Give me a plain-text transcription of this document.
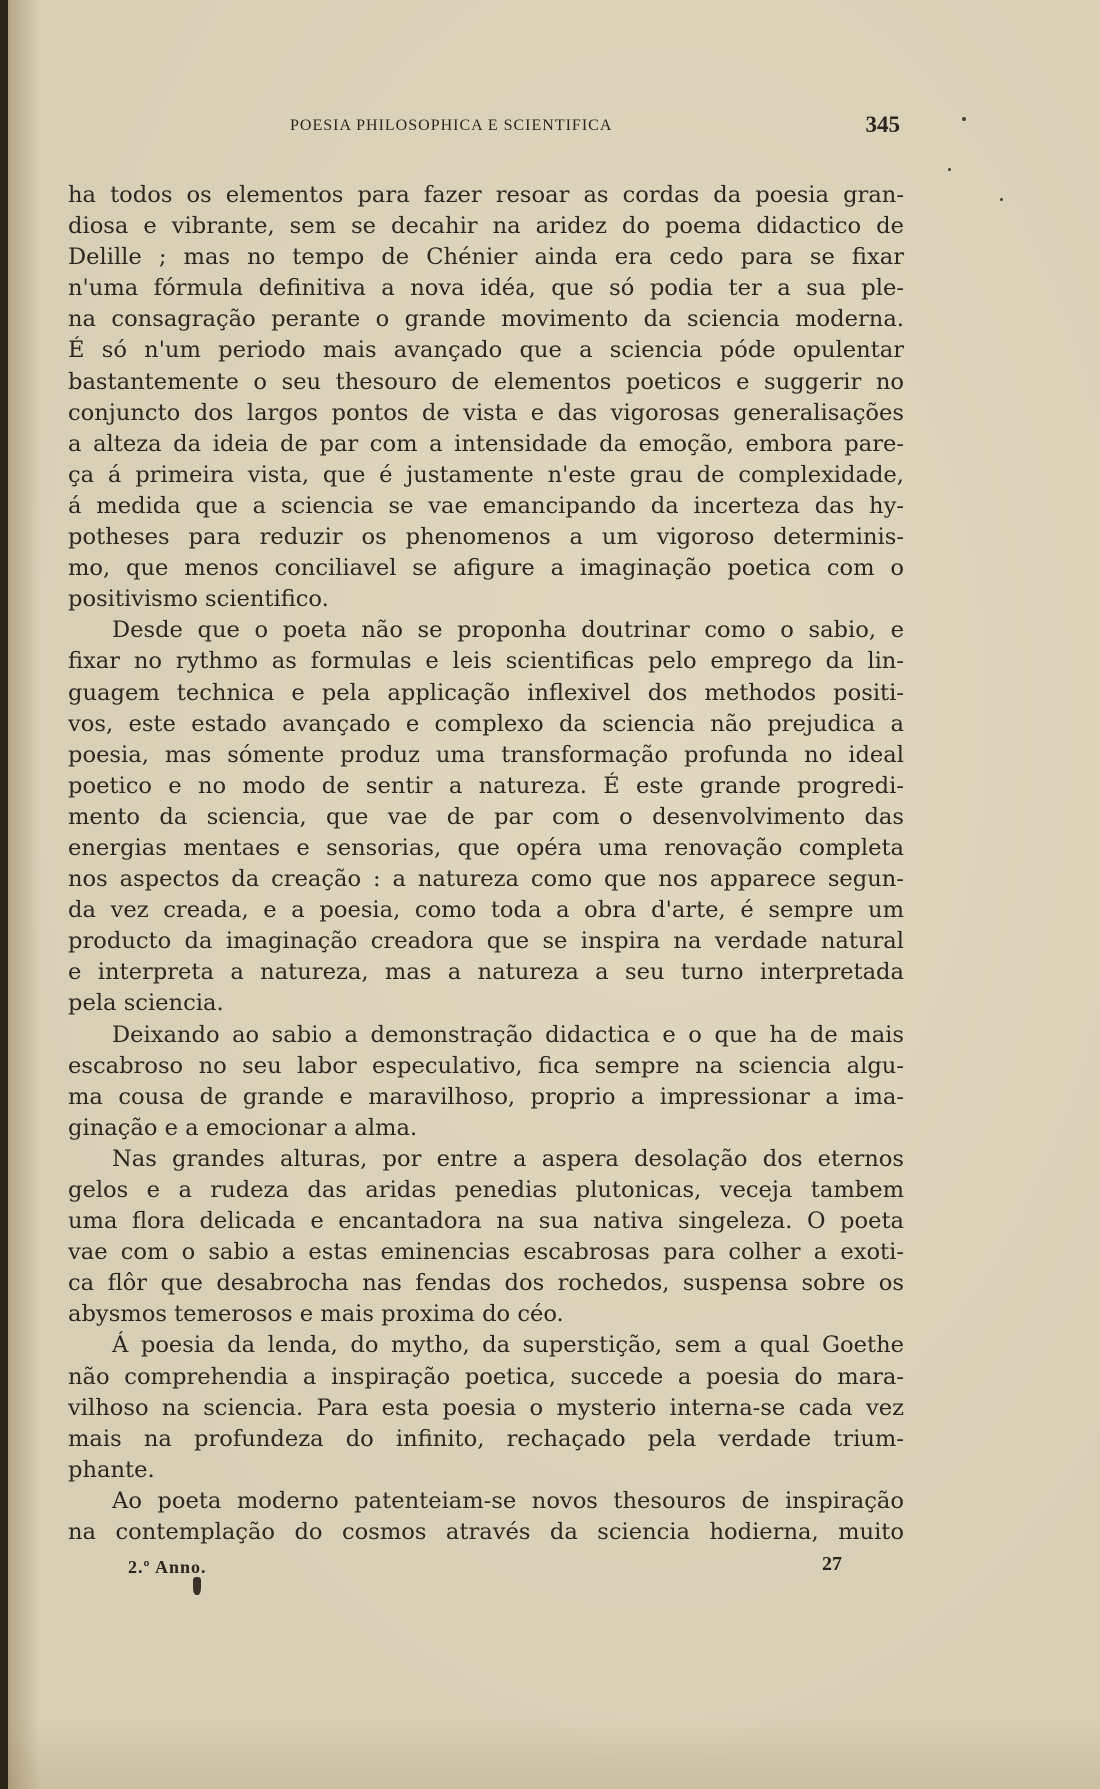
POESIA PHILOSOPHICA E SCIENTIFICA	345
ha todos os elementos para fazer resoar as cordas da poesia gran-
diosa e vibrante, sem se decahir na aridez do poema didactico de
Delille ; mas no tempo de Chénier ainda era cedo para se fixar
n'uma fórmula definitiva a nova idéa, que só podia ter a sua ple-
na consagração perante o grande movimento da sciencia moderna.
É só n'um periodo mais avançado que a sciencia póde opulentar
bastantemente o seu thesouro de elementos poeticos e suggerir no
conjuncto dos largos pontos de vista e das vigorosas generalisações
a alteza da ideia de par com a intensidade da emoção, embora pare-
ça á primeira vista, que é justamente n'este grau de complexidade,
á medida que a sciencia se vae emancipando da incerteza das hy-
potheses para reduzir os phenomenos a um vigoroso determinis-
mo, que menos conciliavel se afigure a imaginação poetica com o
positivismo scientifico.
Desde que o poeta não se proponha doutrinar como o sabio, e
fixar no rythmo as formulas e leis scientificas pelo emprego da lin-
guagem technica e pela applicação inflexivel dos methodos positi-
vos, este estado avançado e complexo da sciencia não prejudica a
poesia, mas sómente produz uma transformação profunda no ideal
poetico e no modo de sentir a natureza. É este grande progredi-
mento da sciencia, que vae de par com o desenvolvimento das
energias mentaes e sensorias, que opéra uma renovação completa
nos aspectos da creação : a natureza como que nos apparece segun-
da vez creada, e a poesia, como toda a obra d'arte, é sempre um
producto da imaginação creadora que se inspira na verdade natural
e interpreta a natureza, mas a natureza a seu turno interpretada
pela sciencia.
Deixando ao sabio a demonstração didactica e o que ha de mais
escabroso no seu labor especulativo, fica sempre na sciencia algu-
ma cousa de grande e maravilhoso, proprio a impressionar a ima-
ginação e a emocionar a alma.
Nas grandes alturas, por entre a aspera desolação dos eternos
gelos e a rudeza das aridas penedias plutonicas, veceja tambem
uma flora delicada e encantadora na sua nativa singeleza. O poeta
vae com o sabio a estas eminencias escabrosas para colher a exoti-
ca flôr que desabrocha nas fendas dos rochedos, suspensa sobre os
abysmos temerosos e mais proxima do céo.
Á poesia da lenda, do mytho, da superstição, sem a qual Goethe
não comprehendia a inspiração poetica, succede a poesia do mara-
vilhoso na sciencia. Para esta poesia o mysterio interna-se cada vez
mais na profundeza do infinito, rechaçado pela verdade trium-
phante.
Ao poeta moderno patenteiam-se novos thesouros de inspiração
na contemplação do cosmos através da sciencia hodierna, muito
2.º Anno.	27
